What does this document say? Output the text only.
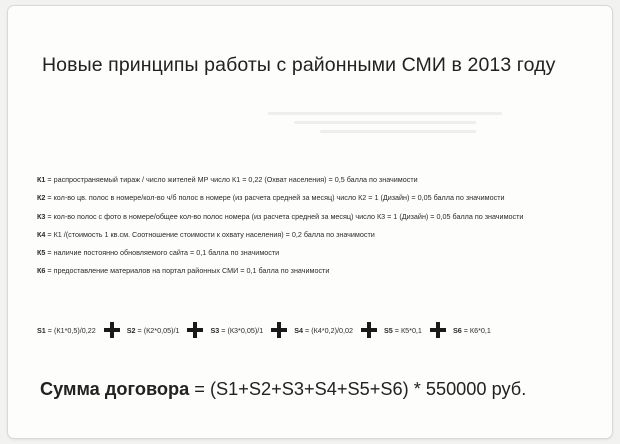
Новые принципы работы с районными СМИ в 2013 году
К1 = распространяемый тираж / число жителей МР число К1 = 0,22 (Охват населения) = 0,5 балла по значимости
К2 = кол-во цв. полос в номере/кол-во ч/б полос в номере (из расчета средней за месяц) число К2 = 1 (Дизайн) = 0,05 балла по значимости
К3 = кол-во полос с фото в номере/общее кол-во полос номера (из расчета средней за месяц) число К3 = 1 (Дизайн) = 0,05 балла по значимости
К4 = К1 /(стоимость 1 кв.см. Соотношение стоимости к охвату населения) = 0,2 балла по значимости
К5 = наличие постоянно обновляемого сайта = 0,1 балла по значимости
К6 = предоставление материалов на портал районных СМИ = 0,1 балла по значимости
S1 = (К1*0,5)/0,22	S2 = (К2*0,05)/1	S3 = (К3*0,05)/1	S4 = (К4*0,2)/0,02	S5 = К5*0,1	S6 = К6*0,1
Сумма договора = (S1+S2+S3+S4+S5+S6) * 550000 руб.
